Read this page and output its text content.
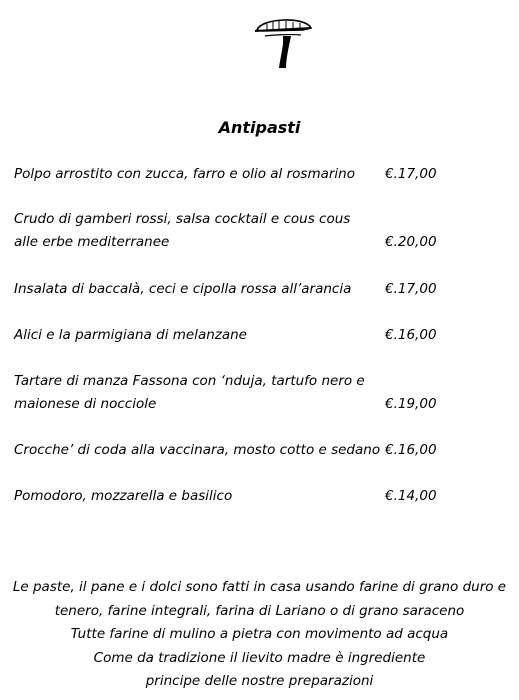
Antipasti
Polpo arrostito con zucca, farro e olio al rosmarino	€.17,00
Crudo di gamberi rossi, salsa cocktail e cous cous alle erbe mediterranee	€.20,00
Insalata di baccalà, ceci e cipolla rossa all’arancia	€.17,00
Alici e la parmigiana di melanzane	€.16,00
Tartare di manza Fassona con ‘nduja, tartufo nero e maionese di nocciole	€.19,00
Crocche’ di coda alla vaccinara, mosto cotto e sedano €.16,00
Pomodoro, mozzarella e basilico	€.14,00
Le paste, il pane e i dolci sono fatti in casa usando farine di grano duro e
tenero, farine integrali, farina di Lariano o di grano saraceno
Tutte farine di mulino a pietra con movimento ad acqua
Come da tradizione il lievito madre è ingrediente
principe delle nostre preparazioni
